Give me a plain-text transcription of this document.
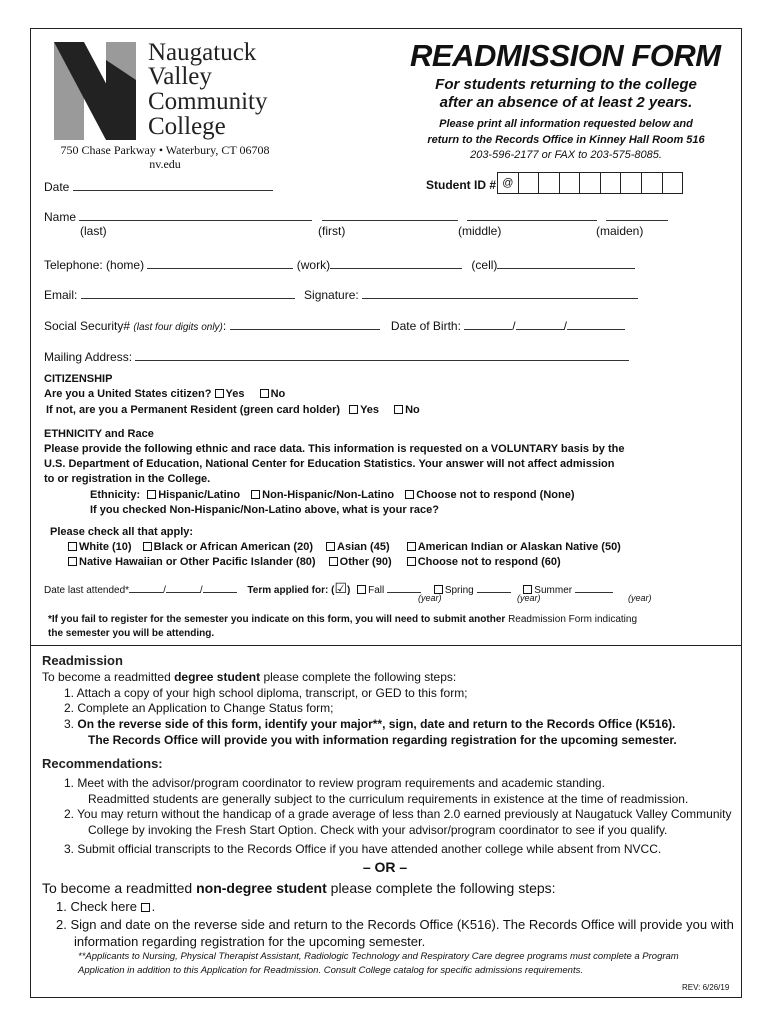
Naugatuck
Valley
Community
College
750 Chase Parkway • Waterbury, CT 06708
nv.edu
READMISSION FORM
For students returning to the college
after an absence of at least 2 years.
Please print all information requested below and
return to the Records Office in Kinney Hall Room 516
203-596-2177 or FAX to 203-575-8085.
Date	Student ID # @
Name
(last)	(first)	(middle)	(maiden)
Telephone: (home)	(work)	(cell)
Email:	Signature:
Social Security# (last four digits only):	Date of Birth:	/	/
Mailing Address:
CITIZENSHIP
Are you a United States citizen? Yes No
If not, are you a Permanent Resident (green card holder) Yes No
ETHNICITY and Race
Please provide the following ethnic and race data. This information is requested on a VOLUNTARY basis by the
U.S. Department of Education, National Center for Education Statistics. Your answer will not affect admission
to or registration in the College.
Ethnicity: Hispanic/Latino Non-Hispanic/Non-Latino Choose not to respond (None)
If you checked Non-Hispanic/Non-Latino above, what is your race?
Please check all that apply:
White (10) Black or African American (20) Asian (45)	American Indian or Alaskan Native (50)
Native Hawaiian or Other Pacific Islander (80) Other (90) Choose not to respond (60)
Date last attended*	/	/	Term applied for: (☑) Fall	Spring	Summer
(year)	(year)	(year)
*If you fail to register for the semester you indicate on this form, you will need to submit another Readmission Form indicating
the semester you will be attending.
Readmission
To become a readmitted degree student please complete the following steps:
1. Attach a copy of your high school diploma, transcript, or GED to this form;
2. Complete an Application to Change Status form;
3. On the reverse side of this form, identify your major**, sign, date and return to the Records Office (K516).
The Records Office will provide you with information regarding registration for the upcoming semester.
Recommendations:
1. Meet with the advisor/program coordinator to review program requirements and academic standing.
Readmitted students are generally subject to the curriculum requirements in existence at the time of readmission.
2. You may return without the handicap of a grade average of less than 2.0 earned previously at Naugatuck Valley Community
College by invoking the Fresh Start Option. Check with your advisor/program coordinator to see if you qualify.
3. Submit official transcripts to the Records Office if you have attended another college while absent from NVCC.
– OR –
To become a readmitted non-degree student please complete the following steps:
1. Check here .
2. Sign and date on the reverse side and return to the Records Office (K516). The Records Office will provide you with
information regarding registration for the upcoming semester.
**Applicants to Nursing, Physical Therapist Assistant, Radiologic Technology and Respiratory Care degree programs must complete a Program
Application in addition to this Application for Readmission. Consult College catalog for specific admissions requirements.
REV: 6/26/19
